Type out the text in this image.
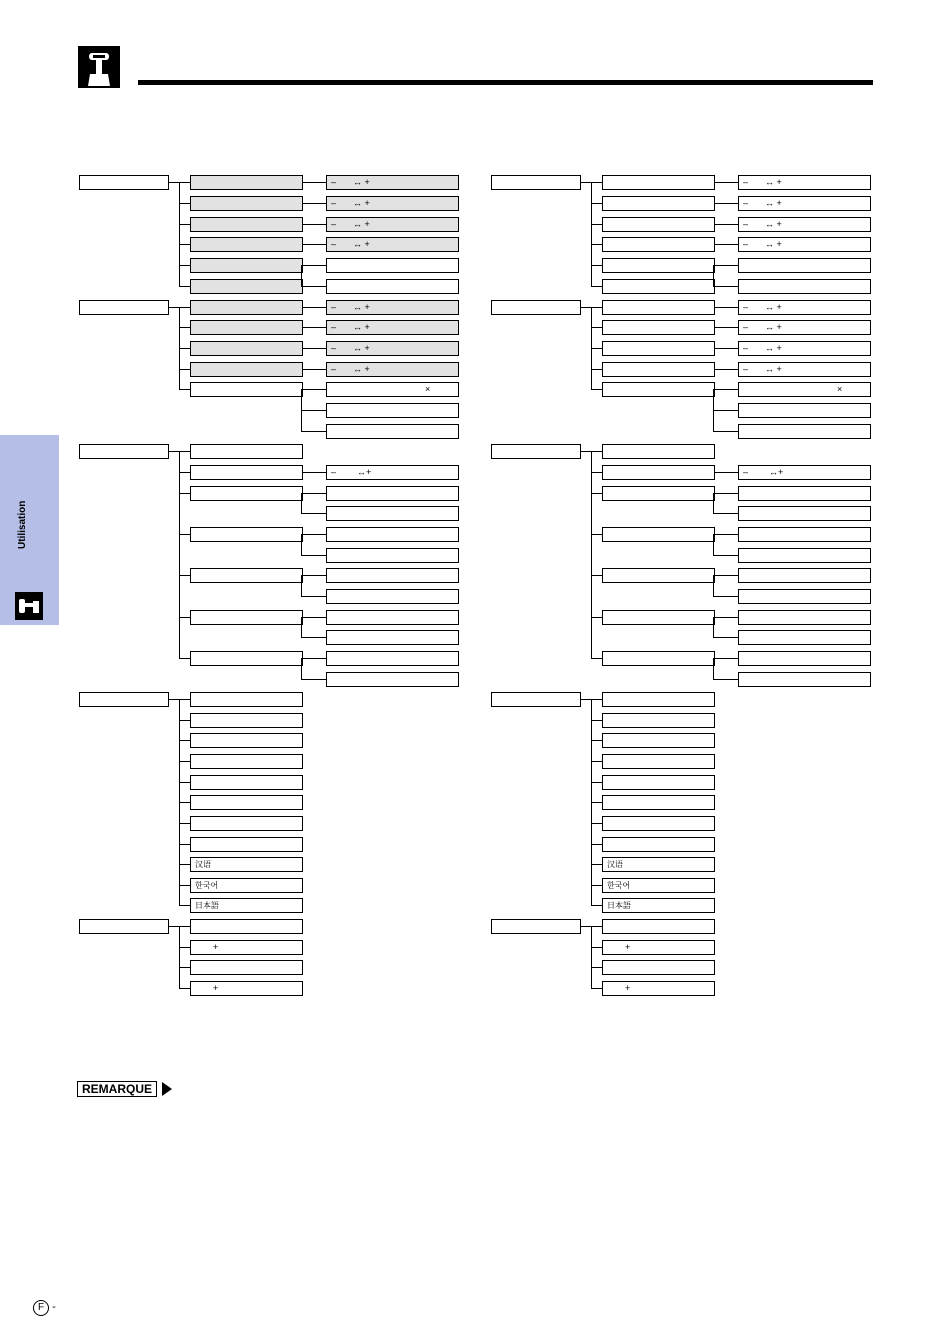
Utilisation
– ↔ +
– ↔ +
– ↔ +
– ↔ +
– ↔ +
– ↔ +
– ↔ +
– ↔ +
×
– ↔+
汉语
한국어
日本語
+
+
– ↔ +
– ↔ +
– ↔ +
– ↔ +
– ↔ +
– ↔ +
– ↔ +
– ↔ +
×
– ↔+
汉语
한국어
日本語
+
+
REMARQUE
F -
